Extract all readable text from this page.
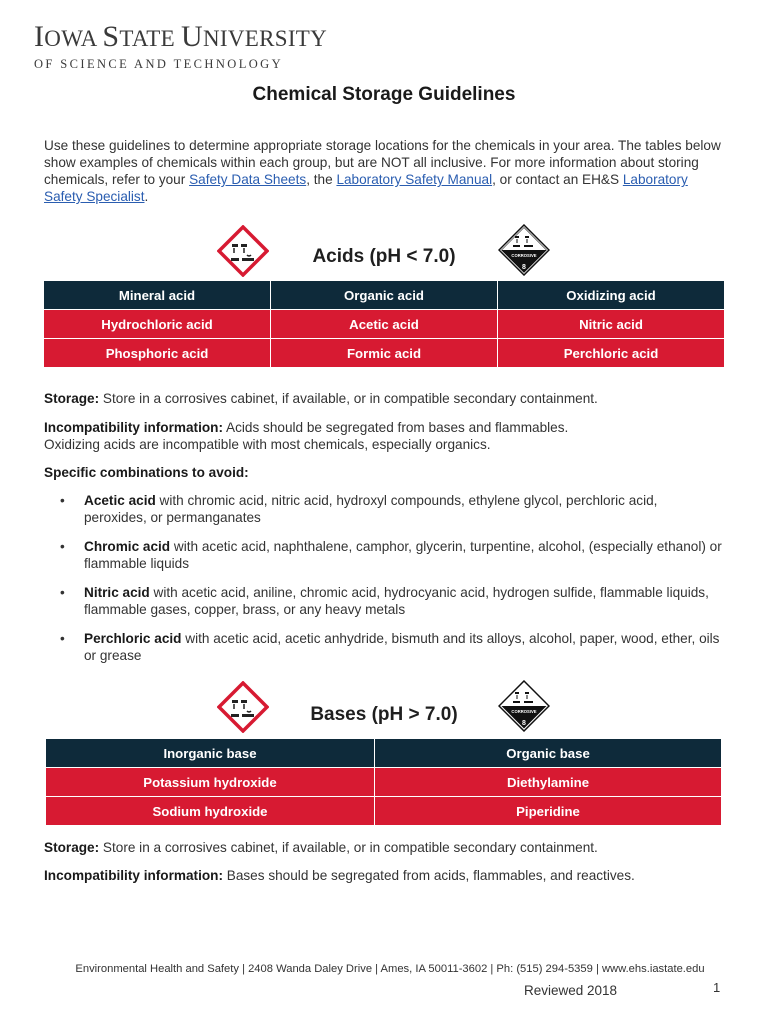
IOWA STATE UNIVERSITY
OF SCIENCE AND TECHNOLOGY
Chemical Storage Guidelines
Use these guidelines to determine appropriate storage locations for the chemicals in your area. The tables below show examples of chemicals within each group, but are NOT all inclusive. For more information about storing chemicals, refer to your Safety Data Sheets, the Laboratory Safety Manual, or contact an EH&S Laboratory Safety Specialist.
Acids (pH < 7.0)	CORROSIVE
8
Mineral acid	Organic acid	Oxidizing acid
Hydrochloric acid	Acetic acid	Nitric acid
Phosphoric acid	Formic acid	Perchloric acid
Storage: Store in a corrosives cabinet, if available, or in compatible secondary containment.
Incompatibility information: Acids should be segregated from bases and flammables.
Oxidizing acids are incompatible with most chemicals, especially organics.
Specific combinations to avoid:
• Acetic acid with chromic acid, nitric acid, hydroxyl compounds, ethylene glycol, perchloric acid, peroxides, or permanganates
• Chromic acid with acetic acid, naphthalene, camphor, glycerin, turpentine, alcohol, (especially ethanol) or flammable liquids
• Nitric acid with acetic acid, aniline, chromic acid, hydrocyanic acid, hydrogen sulfide, flammable liquids, flammable gases, copper, brass, or any heavy metals
• Perchloric acid with acetic acid, acetic anhydride, bismuth and its alloys, alcohol, paper, wood, ether, oils or grease
Bases (pH > 7.0)	CORROSIVE
8
Inorganic base	Organic base
Potassium hydroxide	Diethylamine
Sodium hydroxide	Piperidine
Storage: Store in a corrosives cabinet, if available, or in compatible secondary containment.
Incompatibility information: Bases should be segregated from acids, flammables, and reactives.
Environmental Health and Safety | 2408 Wanda Daley Drive | Ames, IA 50011-3602 | Ph: (515) 294-5359 | www.ehs.iastate.edu
Reviewed 2018	1
